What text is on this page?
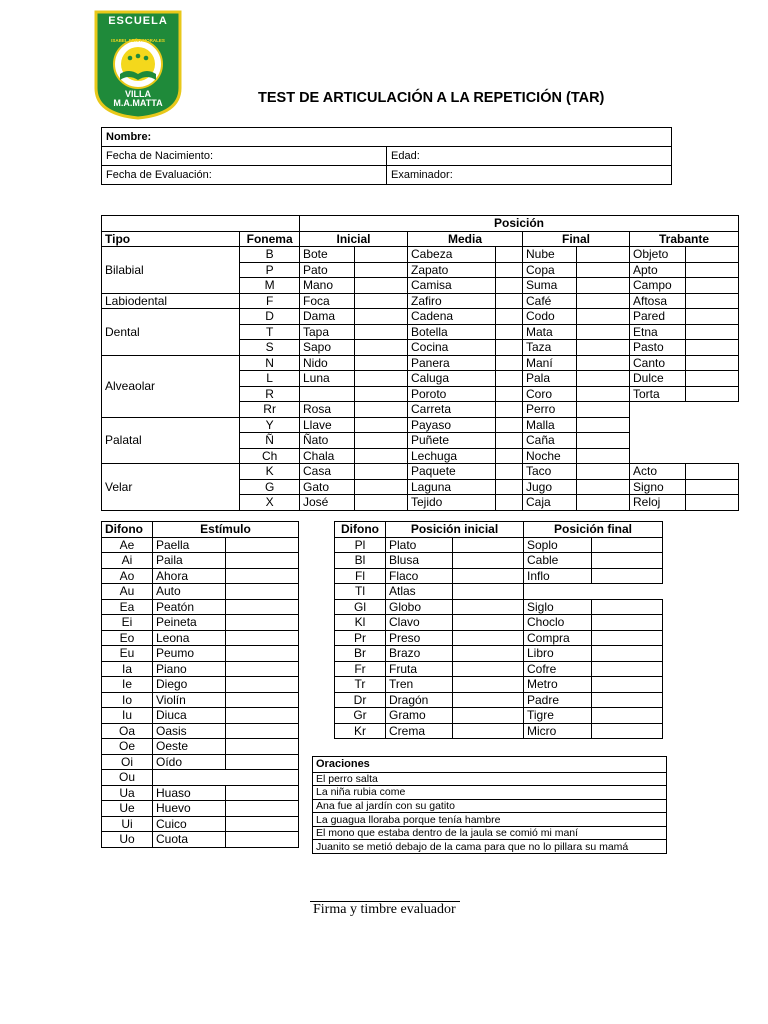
ESCUELA
ISABEL PEÑA MORALES
VILLA
M.A.MATTA	TEST DE ARTICULACIÓN A LA REPETICIÓN (TAR)
Nombre:	
Fecha de Nacimiento:	Edad:
Fecha de Evaluación:	Examinador:
		Posición							
Tipo	Fonema	Inicial		Media		Final		Trabante	
Bilabial	B	Bote		Cabeza		Nube		Objeto	
	P	Pato		Zapato		Copa		Apto	
	M	Mano		Camisa		Suma		Campo	
Labiodental	F	Foca		Zafiro		Café		Aftosa	
Dental	D	Dama		Cadena		Codo		Pared	
	T	Tapa		Botella		Mata		Etna	
	S	Sapo		Cocina		Taza		Pasto	
Alveaolar	N	Nido		Panera		Maní		Canto	
	L	Luna		Caluga		Pala		Dulce	
	R			Poroto		Coro		Torta	
	Rr	Rosa		Carreta		Perro			
Palatal	Y	Llave		Payaso		Malla			
	Ñ	Ñato		Puñete		Caña			
	Ch	Chala		Lechuga		Noche			
Velar	K	Casa		Paquete		Taco		Acto	
	G	Gato		Laguna		Jugo		Signo	
	X	José		Tejido		Caja		Reloj	
Difono	Estímulo	
Ae	Paella	
Ai	Paila	
Ao	Ahora	
Au	Auto	
Ea	Peatón	
Ei	Peineta	
Eo	Leona	
Eu	Peumo	
Ia	Piano	
Ie	Diego	
Io	Violín	
Iu	Diuca	
Oa	Oasis	
Oe	Oeste	
Oi	Oído	
Ou		
Ua	Huaso	
Ue	Huevo	
Ui	Cuico	
Uo	Cuota	
Difono	Posición inicial		Posición final	
Pl	Plato		Soplo	
Bl	Blusa		Cable	
Fl	Flaco		Inflo	
Tl	Atlas			
Gl	Globo		Siglo	
Kl	Clavo		Choclo	
Pr	Preso		Compra	
Br	Brazo		Libro	
Fr	Fruta		Cofre	
Tr	Tren		Metro	
Dr	Dragón		Padre	
Gr	Gramo		Tigre	
Kr	Crema		Micro	
Oraciones
El perro salta
La niña rubia come
Ana fue al jardín con su gatito
La guagua lloraba porque tenía hambre
El mono que estaba dentro de la jaula se comió mi maní
Juanito se metió debajo de la cama para que no lo pillara su mamá
Firma y timbre evaluador
